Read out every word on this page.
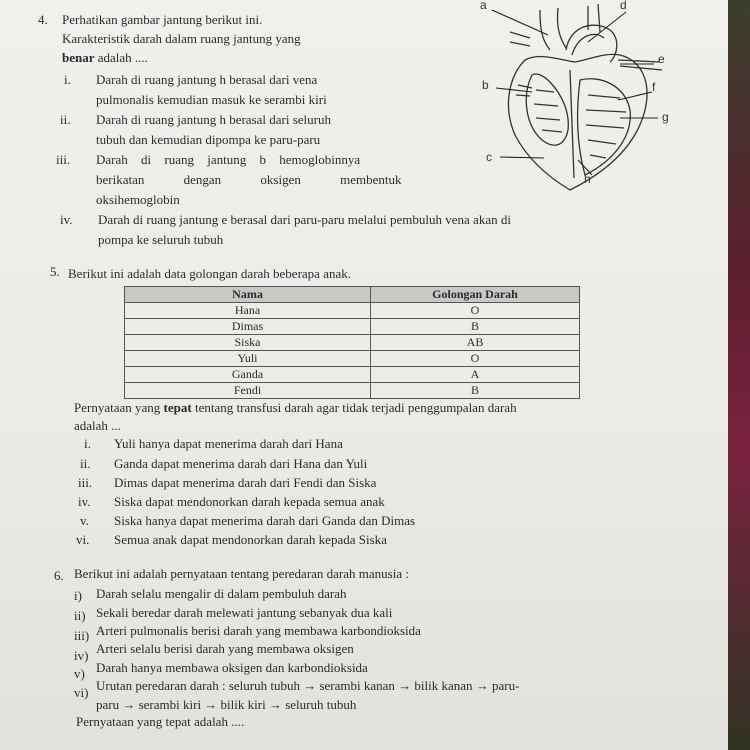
4. Perhatikan gambar jantung berikut ini.
Karakteristik darah dalam ruang jantung yang
benar adalah ....
i. Darah di ruang jantung h berasal dari vena
pulmonalis kemudian masuk ke serambi kiri
ii. Darah di ruang jantung h berasal dari seluruh
tubuh dan kemudian dipompa ke paru-paru
iii. Darah di ruang jantung b hemoglobinnya
berikatan dengan oksigen membentuk
oksihemoglobin
iv. Darah di ruang jantung e berasal dari paru-paru melalui pembuluh vena akan di
pompa ke seluruh tubuh
a	d
e
b	f
g
c
h
5. Berikut ini adalah data golongan darah beberapa anak.
Nama	Golongan Darah
Hana	O
Dimas	B
Siska	AB
Yuli	O
Ganda	A
Fendi	B
Pernyataan yang tepat tentang transfusi darah agar tidak terjadi penggumpalan darah
adalah ...
i. Yuli hanya dapat menerima darah dari Hana
ii. Ganda dapat menerima darah dari Hana dan Yuli
iii. Dimas dapat menerima darah dari Fendi dan Siska
iv. Siska dapat mendonorkan darah kepada semua anak
v. Siska hanya dapat menerima darah dari Ganda dan Dimas
vi. Semua anak dapat mendonorkan darah kepada Siska
6. Berikut ini adalah pernyataan tentang peredaran darah manusia :
i) Darah selalu mengalir di dalam pembuluh darah
ii) Sekali beredar darah melewati jantung sebanyak dua kali
iii) Arteri pulmonalis berisi darah yang membawa karbondioksida
iv) Arteri selalu berisi darah yang membawa oksigen
v) Darah hanya membawa oksigen dan karbondioksida
vi) Urutan peredaran darah : seluruh tubuh → serambi kanan → bilik kanan → paru-
paru → serambi kiri → bilik kiri → seluruh tubuh
Pernyataan yang tepat adalah ....
